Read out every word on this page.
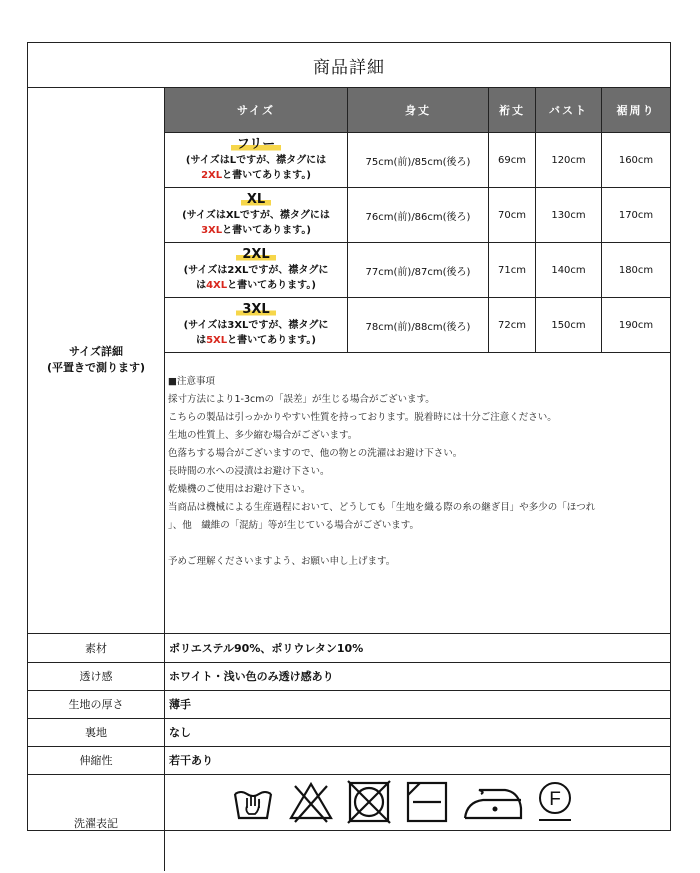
商品詳細
サイズ詳細
(平置きで測ります)
サイズ	身丈	裄丈	バスト	裾周り
フリー
(サイズはLですが、襟タグには
2XLと書いてあります。)	75cm(前)/85cm(後ろ)	69cm	120cm	160cm
XL
(サイズはXLですが、襟タグには
3XLと書いてあります。)	76cm(前)/86cm(後ろ)	70cm	130cm	170cm
2XL
(サイズは2XLですが、襟タグに
は4XLと書いてあります。)	77cm(前)/87cm(後ろ)	71cm	140cm	180cm
3XL
(サイズは3XLですが、襟タグに
は5XLと書いてあります。)	78cm(前)/88cm(後ろ)	72cm	150cm	190cm
■注意事項
採寸方法により1-3cmの「誤差」が生じる場合がございます。
こちらの製品は引っかかりやすい性質を持っております。脱着時には十分ご注意ください。
生地の性質上、多少縮む場合がございます。
色落ちする場合がございますので、他の物との洗濯はお避け下さい。
長時間の水への浸漬はお避け下さい。
乾燥機のご使用はお避け下さい。
当商品は機械による生産過程において、どうしても「生地を織る際の糸の継ぎ目」や多少の「ほつれ
」、他　繊維の「混紡」等が生じている場合がございます。

予めご理解くださいますよう、お願い申し上げます。
素材	ポリエステル90%、ポリウレタン10%
透け感	ホワイト・浅い色のみ透け感あり
生地の厚さ	薄手
裏地	なし
伸縮性	若干あり
洗濯表記
F
